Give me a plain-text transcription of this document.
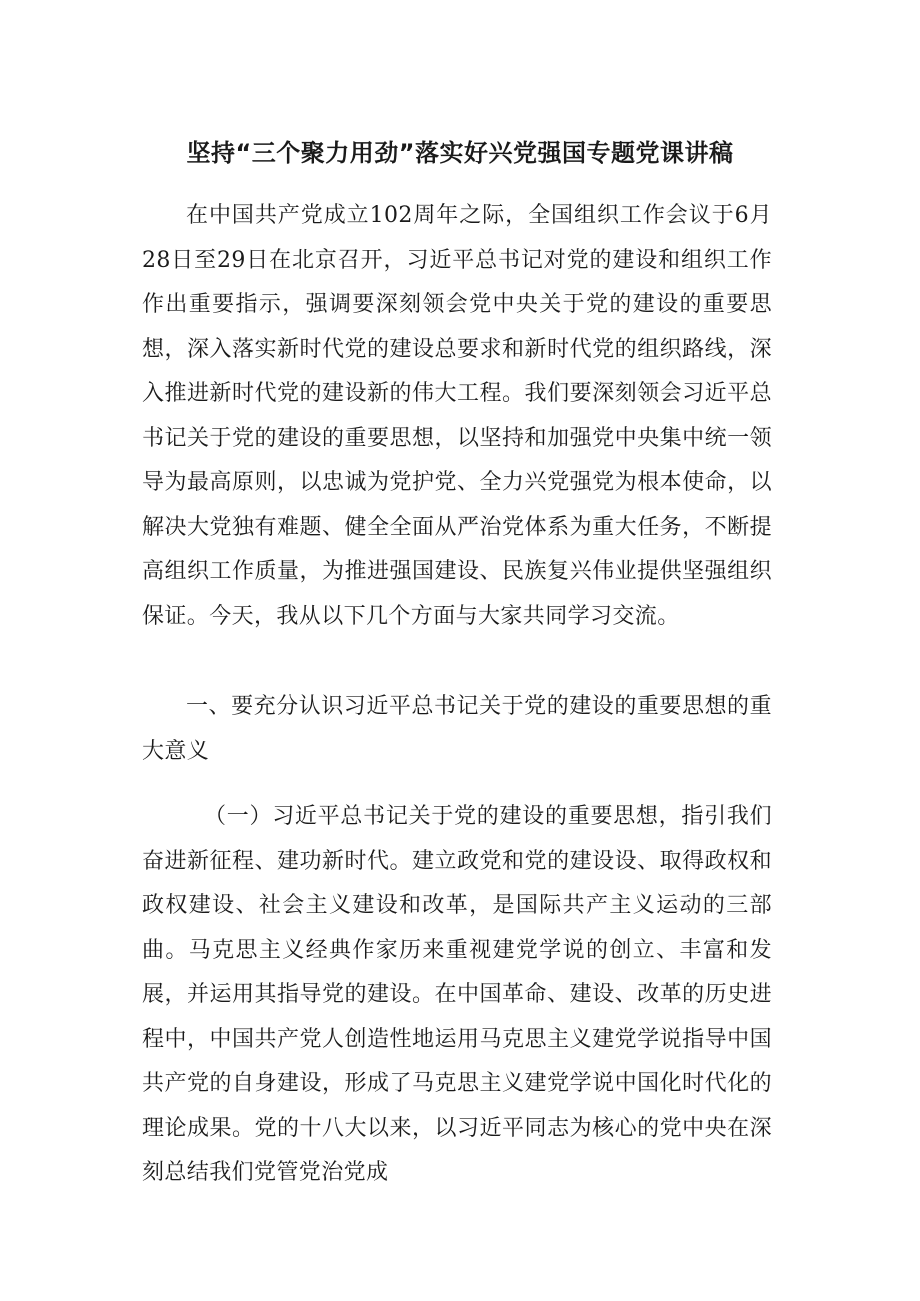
坚持“三个聚力用劲”落实好兴党强国专题党课讲稿

在中国共产党成立102周年之际，全国组织工作会议于6月28日至29日在北京召开，习近平总书记对党的建设和组织工作作出重要指示，强调要深刻领会党中央关于党的建设的重要思想，深入落实新时代党的建设总要求和新时代党的组织路线，深入推进新时代党的建设新的伟大工程。我们要深刻领会习近平总书记关于党的建设的重要思想，以坚持和加强党中央集中统一领导为最高原则，以忠诚为党护党、全力兴党强党为根本使命，以解决大党独有难题、健全全面从严治党体系为重大任务，不断提高组织工作质量，为推进强国建设、民族复兴伟业提供坚强组织保证。今天，我从以下几个方面与大家共同学习交流。

一、要充分认识习近平总书记关于党的建设的重要思想的重大意义

（一）习近平总书记关于党的建设的重要思想，指引我们奋进新征程、建功新时代。建立政党和党的建设设、取得政权和政权建设、社会主义建设和改革，是国际共产主义运动的三部曲。马克思主义经典作家历来重视建党学说的创立、丰富和发展，并运用其指导党的建设。在中国革命、建设、改革的历史进程中，中国共产党人创造性地运用马克思主义建党学说指导中国共产党的自身建设，形成了马克思主义建党学说中国化时代化的理论成果。党的十八大以来，以习近平同志为核心的党中央在深刻总结我们党管党治党成
